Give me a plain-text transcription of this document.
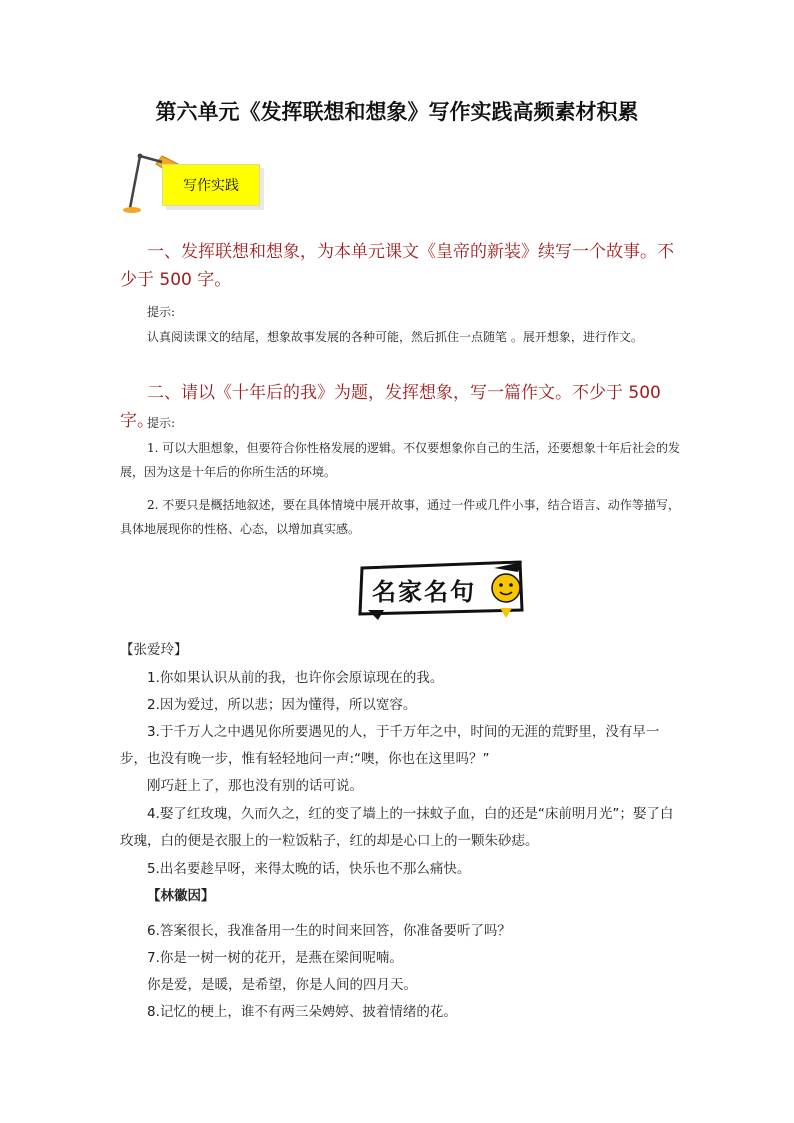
第六单元《发挥联想和想象》写作实践高频素材积累
写作实践
一、发挥联想和想象，为本单元课文《皇帝的新装》续写一个故事。不少于 500 字。
提示:
认真阅读课文的结尾，想象故事发展的各种可能，然后抓住一点随笔 。展开想象，进行作文。
二、请以《十年后的我》为题，发挥想象，写一篇作文。不少于 500 字。
提示:
1. 可以大胆想象，但要符合你性格发展的逻辑。不仅要想象你自己的生活，还要想象十年后社会的发展，因为这是十年后的你所生活的环境。
2. 不要只是概括地叙述，要在具体情境中展开故事，通过一件或几件小事，结合语言、动作等描写，具体地展现你的性格、心态，以增加真实感。
名家名句
【张爱玲】
1.你如果认识从前的我，也许你会原谅现在的我。
2.因为爱过，所以悲；因为懂得，所以宽容。
3.于千万人之中遇见你所要遇见的人，于千万年之中，时间的无涯的荒野里，没有早一步，也没有晚一步，惟有轻轻地问一声:“噢，你也在这里吗？”
刚巧赶上了，那也没有别的话可说。
4.娶了红玫瑰，久而久之，红的变了墙上的一抹蚊子血，白的还是“床前明月光”；娶了白玫瑰，白的便是衣服上的一粒饭粘子，红的却是心口上的一颗朱砂痣。
5.出名要趁早呀，来得太晚的话，快乐也不那么痛快。
【林徽因】
6.答案很长，我准备用一生的时间来回答，你准备要听了吗？
7.你是一树一树的花开，是燕在梁间呢喃。
你是爱，是暖，是希望，你是人间的四月天。
8.记忆的梗上，谁不有两三朵娉婷、披着情绪的花。
